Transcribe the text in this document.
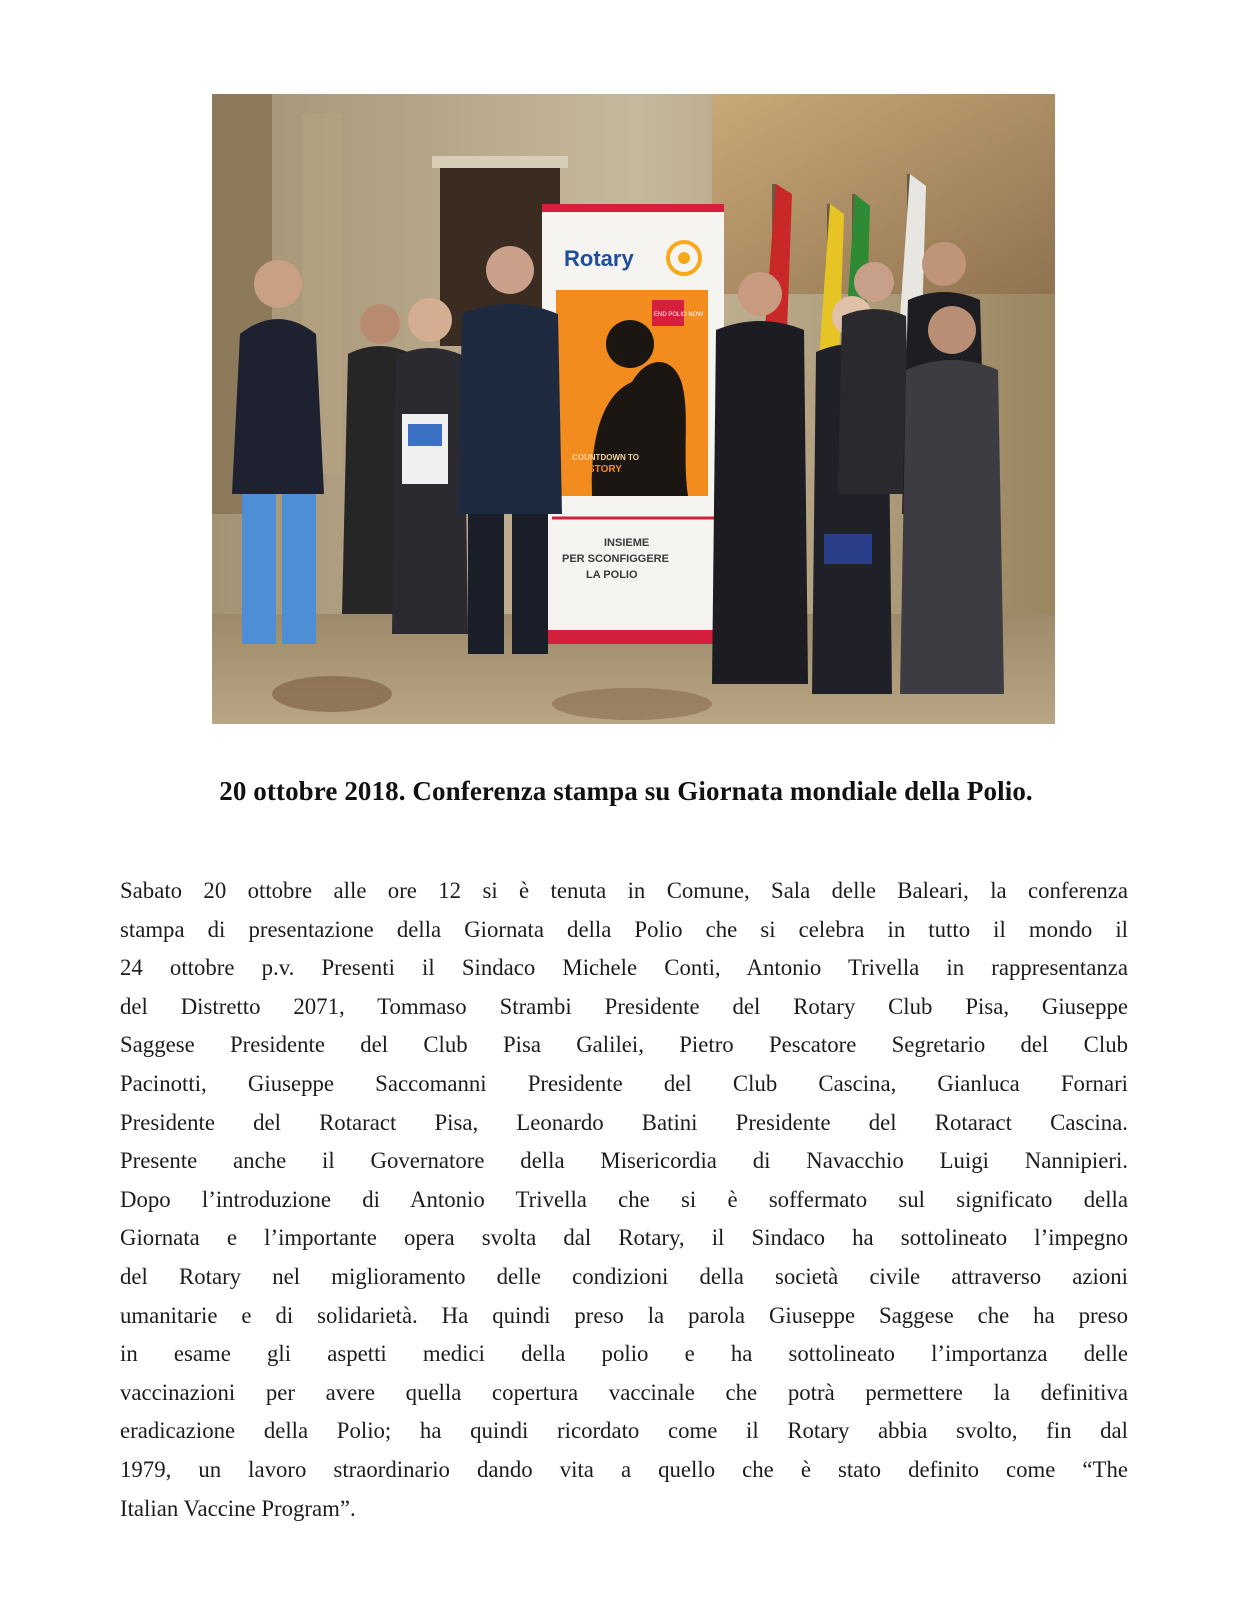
Rotary
END POLIO NOW
COUNTDOWN TO
HISTORY
INSIEME
PER SCONFIGGERE
LA POLIO
20 ottobre 2018. Conferenza stampa su Giornata mondiale della Polio.
Sabato 20 ottobre alle ore 12 si è tenuta in Comune, Sala delle Baleari, la conferenza
stampa di presentazione della Giornata della Polio che si celebra in tutto il mondo il
24 ottobre p.v. Presenti il Sindaco Michele Conti, Antonio Trivella in rappresentanza
del Distretto 2071, Tommaso Strambi Presidente del Rotary Club Pisa, Giuseppe
Saggese Presidente del Club Pisa Galilei, Pietro Pescatore Segretario del Club
Pacinotti, Giuseppe Saccomanni Presidente del Club Cascina, Gianluca Fornari
Presidente del Rotaract Pisa, Leonardo Batini Presidente del Rotaract Cascina.
Presente anche il Governatore della Misericordia di Navacchio Luigi Nannipieri.
Dopo l’introduzione di Antonio Trivella che si è soffermato sul significato della
Giornata e l’importante opera svolta dal Rotary, il Sindaco ha sottolineato l’impegno
del Rotary nel miglioramento delle condizioni della società civile attraverso azioni
umanitarie e di solidarietà. Ha quindi preso la parola Giuseppe Saggese che ha preso
in esame gli aspetti medici della polio e ha sottolineato l’importanza delle
vaccinazioni per avere quella copertura vaccinale che potrà permettere la definitiva
eradicazione della Polio; ha quindi ricordato come il Rotary abbia svolto, fin dal
1979, un lavoro straordinario dando vita a quello che è stato definito come “The
Italian Vaccine Program”.
